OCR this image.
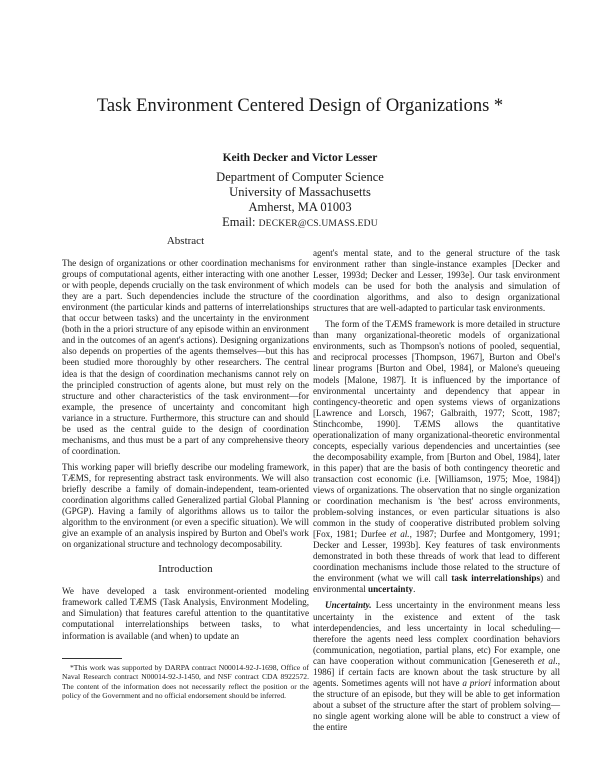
Task Environment Centered Design of Organizations *
Keith Decker and Victor Lesser
Department of Computer Science
University of Massachusetts
Amherst, MA 01003
Email: DECKER@CS.UMASS.EDU
Abstract

The design of organizations or other coordination mechanisms for groups of computational agents, either interacting with one another or with people, depends crucially on the task environment of which they are a part. Such dependencies include the structure of the environment (the particular kinds and patterns of interrelationships that occur between tasks) and the uncertainty in the environment (both in the a priori structure of any episode within an environment and in the outcomes of an agent's actions). Designing organizations also depends on properties of the agents themselves—but this has been studied more thoroughly by other researchers. The central idea is that the design of coordination mechanisms cannot rely on the principled construction of agents alone, but must rely on the structure and other characteristics of the task environment—for example, the presence of uncertainty and concomitant high variance in a structure. Furthermore, this structure can and should be used as the central guide to the design of coordination mechanisms, and thus must be a part of any comprehensive theory of coordination.

This working paper will briefly describe our modeling framework, TÆMS, for representing abstract task environments. We will also briefly describe a family of domain-independent, team-oriented coordination algorithms called Generalized partial Global Planning (GPGP). Having a family of algorithms allows us to tailor the algorithm to the environment (or even a specific situation). We will give an example of an analysis inspired by Burton and Obel's work on organizational structure and technology decomposability.

Introduction

We have developed a task environment-oriented modeling framework called TÆMS (Task Analysis, Environment Modeling, and Simulation) that features careful attention to the quantitative computational interrelationships between tasks, to what information is available (and when) to update an

*This work was supported by DARPA contract N00014-92-J-1698, Office of Naval Research contract N00014-92-J-1450, and NSF contract CDA 8922572. The content of the information does not necessarily reflect the position or the policy of the Government and no official endorsement should be inferred.

agent's mental state, and to the general structure of the task environment rather than single-instance examples [Decker and Lesser, 1993d; Decker and Lesser, 1993e]. Our task environment models can be used for both the analysis and simulation of coordination algorithms, and also to design organizational structures that are well-adapted to particular task environments.

The form of the TÆMS framework is more detailed in structure than many organizational-theoretic models of organizational environments, such as Thompson's notions of pooled, sequential, and reciprocal processes [Thompson, 1967], Burton and Obel's linear programs [Burton and Obel, 1984], or Malone's queueing models [Malone, 1987]. It is influenced by the importance of environmental uncertainty and dependency that appear in contingency-theoretic and open systems views of organizations [Lawrence and Lorsch, 1967; Galbraith, 1977; Scott, 1987; Stinchcombe, 1990]. TÆMS allows the quantitative operationalization of many organizational-theoretic environmental concepts, especially various dependencies and uncertainties (see the decomposability example, from [Burton and Obel, 1984], later in this paper) that are the basis of both contingency theoretic and transaction cost economic (i.e. [Williamson, 1975; Moe, 1984]) views of organizations. The observation that no single organization or coordination mechanism is 'the best' across environments, problem-solving instances, or even particular situations is also common in the study of cooperative distributed problem solving [Fox, 1981; Durfee et al., 1987; Durfee and Montgomery, 1991; Decker and Lesser, 1993b]. Key features of task environments demonstrated in both these threads of work that lead to different coordination mechanisms include those related to the structure of the environment (what we will call task interrelationships) and environmental uncertainty.

Uncertainty. Less uncertainty in the environment means less uncertainty in the existence and extent of the task interdependencies, and less uncertainty in local scheduling—therefore the agents need less complex coordination behaviors (communication, negotiation, partial plans, etc) For example, one can have cooperation without communication [Genesereth et al., 1986] if certain facts are known about the task structure by all agents. Sometimes agents will not have a priori information about the structure of an episode, but they will be able to get information about a subset of the structure after the start of problem solving—no single agent working alone will be able to construct a view of the entire
